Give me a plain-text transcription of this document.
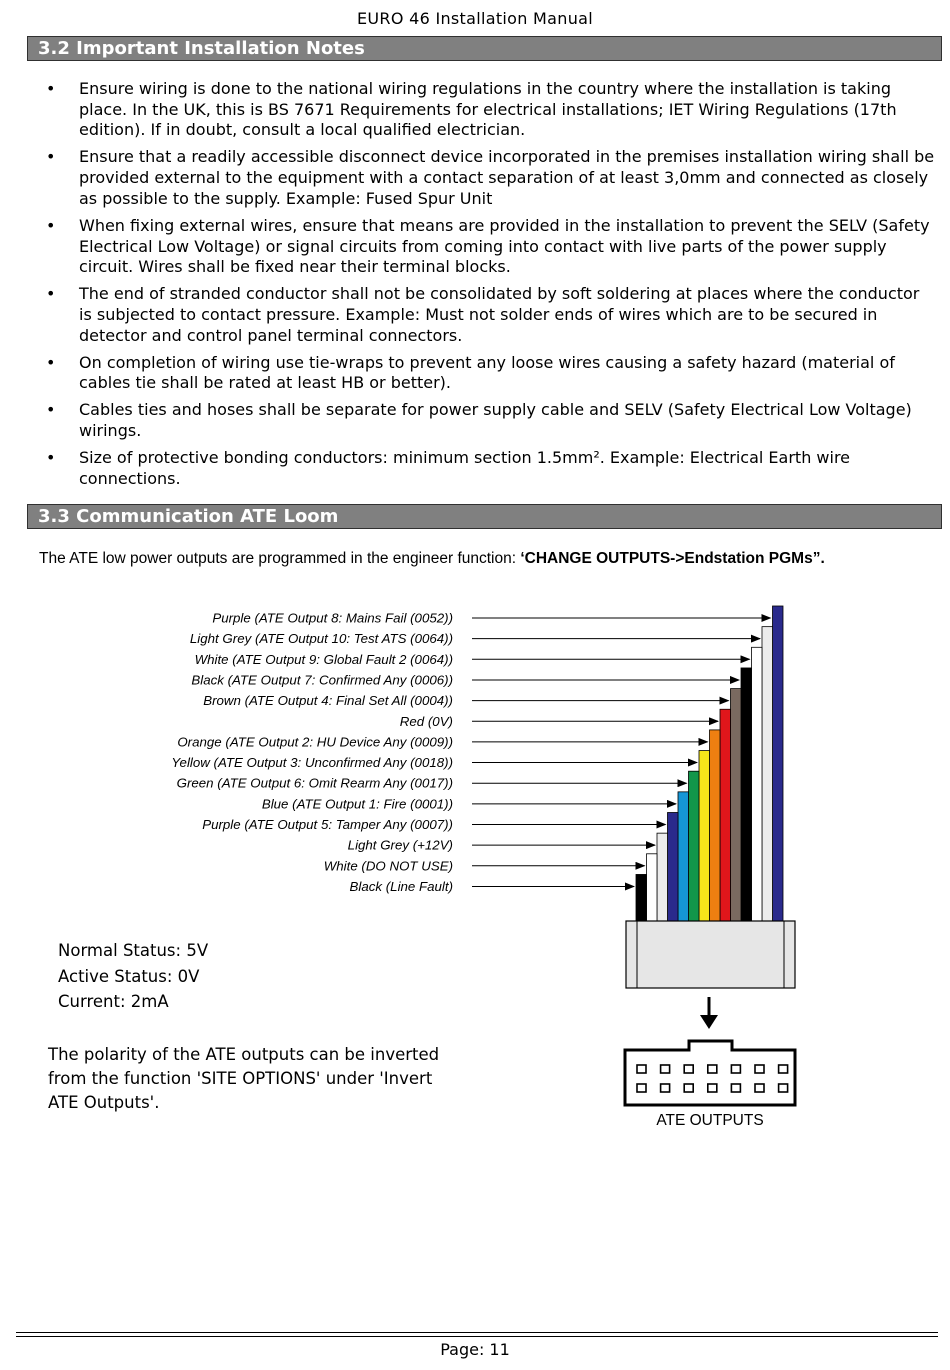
EURO 46 Installation Manual
3.2 Important Installation Notes
• Ensure wiring is done to the national wiring regulations in the country where the installation is taking place. In the UK, this is BS 7671 Requirements for electrical installations; IET Wiring Regulations (17th edition). If in doubt, consult a local qualified electrician.
• Ensure that a readily accessible disconnect device incorporated in the premises installation wiring shall be provided external to the equipment with a contact separation of at least 3,0mm and connected as closely as possible to the supply. Example: Fused Spur Unit
• When fixing external wires, ensure that means are provided in the installation to prevent the SELV (Safety Electrical Low Voltage) or signal circuits from coming into contact with live parts of the power supply circuit. Wires shall be fixed near their terminal blocks.
• The end of stranded conductor shall not be consolidated by soft soldering at places where the conductor is subjected to contact pressure. Example: Must not solder ends of wires which are to be secured in detector and control panel terminal connectors.
• On completion of wiring use tie-wraps to prevent any loose wires causing a safety hazard (material of cables tie shall be rated at least HB or better).
• Cables ties and hoses shall be separate for power supply cable and SELV (Safety Electrical Low Voltage) wirings.
• Size of protective bonding conductors: minimum section 1.5mm². Example: Electrical Earth wire connections.
3.3 Communication ATE Loom
The ATE low power outputs are programmed in the engineer function: ‘CHANGE OUTPUTS->Endstation PGMs”.
Purple (ATE Output 8: Mains Fail (0052))
Light Grey (ATE Output 10: Test ATS (0064))
White (ATE Output 9: Global Fault 2 (0064))
Black (ATE Output 7: Confirmed Any (0006))
Brown (ATE Output 4: Final Set All (0004))
Red (0V)
Orange (ATE Output 2: HU Device Any (0009))
Yellow (ATE Output 3: Unconfirmed Any (0018))
Green (ATE Output 6: Omit Rearm Any (0017))
Blue (ATE Output 1: Fire (0001))
Purple (ATE Output 5: Tamper Any (0007))
Light Grey (+12V)
White (DO NOT USE)
Black (Line Fault)
ATE OUTPUTS
Normal Status: 5V
Active Status: 0V
Current: 2mA
The polarity of the ATE outputs can be inverted from the function 'SITE OPTIONS' under 'Invert ATE Outputs'.
Page: 11
